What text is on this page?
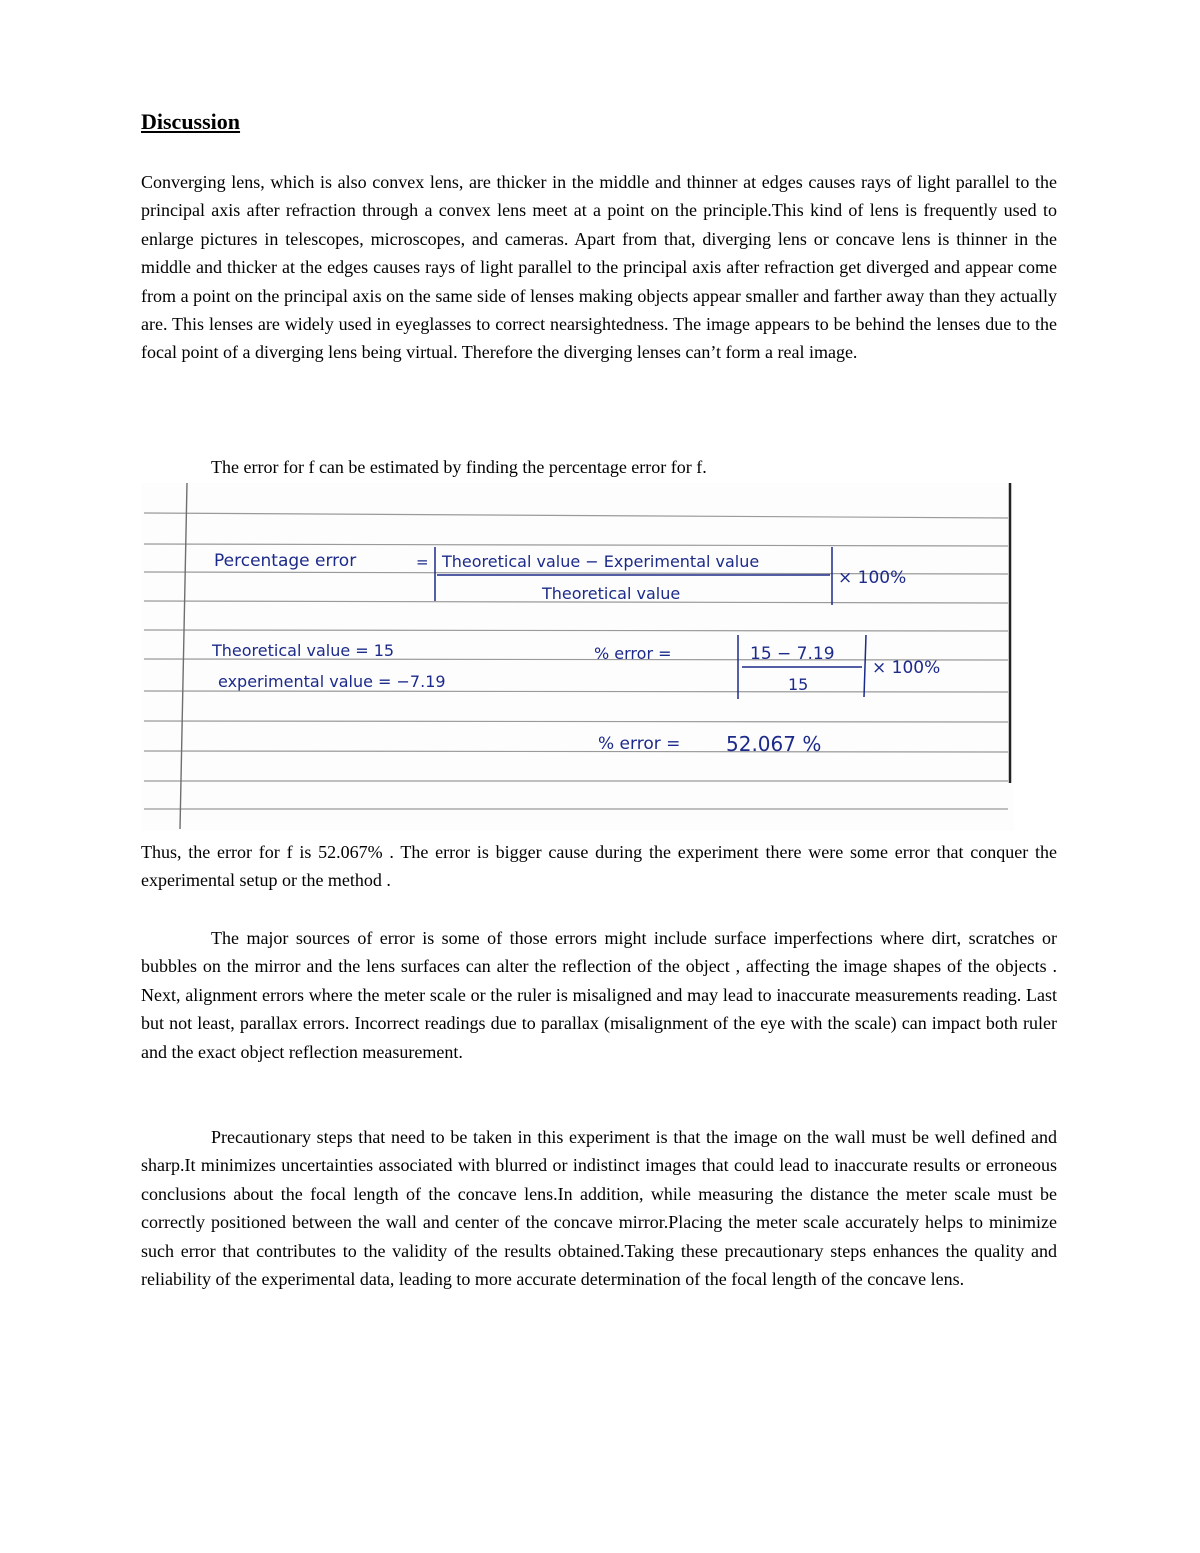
Discussion

Converging lens, which is also convex lens, are thicker in the middle and thinner at edges causes rays of light parallel to the principal axis after refraction through a convex lens meet at a point on the principle.This kind of lens is frequently used to enlarge pictures in telescopes, microscopes, and cameras. Apart from that, diverging lens or concave lens is thinner in the middle and thicker at the edges causes rays of light parallel to the principal axis after refraction get diverged and appear come from a point on the principal axis on the same side of lenses making objects appear smaller and farther away than they actually are. This lenses are widely used in eyeglasses to correct nearsightedness. The image appears to be behind the lenses due to the focal point of a diverging lens being virtual. Therefore the diverging lenses can’t form a real image.

The error for f can be estimated by finding the percentage error for f.

Percentage error	= Theoretical value − Experimental value
Theoretical value
× 100%
Theoretical value = 15
experimental value = −7.19
% error =	15 − 7.19
15
× 100%
% error = 52.067 %

Thus, the error for f is 52.067% . The error is bigger cause during the experiment there were some error that conquer the experimental setup or the method .

The major sources of error is some of those errors might include surface imperfections where dirt, scratches or bubbles on the mirror and the lens surfaces can alter the reflection of the object , affecting the image shapes of the objects . Next, alignment errors where the meter scale or the ruler is misaligned and may lead to inaccurate measurements reading. Last but not least, parallax errors. Incorrect readings due to parallax (misalignment of the eye with the scale) can impact both ruler and the exact object reflection measurement.

Precautionary steps that need to be taken in this experiment is that the image on the wall must be well defined and sharp.It minimizes uncertainties associated with blurred or indistinct images that could lead to inaccurate results or erroneous conclusions about the focal length of the concave lens.In addition, while measuring the distance the meter scale must be correctly positioned between the wall and center of the concave mirror.Placing the meter scale accurately helps to minimize such error that contributes to the validity of the results obtained.Taking these precautionary steps enhances the quality and reliability of the experimental data, leading to more accurate determination of the focal length of the concave lens.
